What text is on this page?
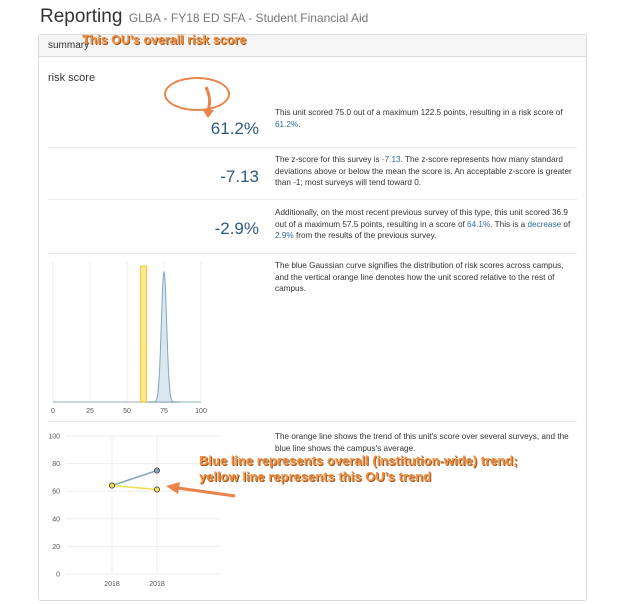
Reporting GLBA - FY18 ED SFA - Student Financial Aid
summary
risk score
61.2%
This unit scored 75.0 out of a maximum 122.5 points, resulting in a risk score of 61.2%.
-7.13
The z-score for this survey is -7.13. The z-score represents how many standard deviations above or below the mean the score is. An acceptable z-score is greater than -1; most surveys will tend toward 0.
-2.9%
Additionally, on the most recent previous survey of this type, this unit scored 36.9 out of a maximum 57.5 points, resulting in a score of 64.1%. This is a decrease of 2.9% from the results of the previous survey.
The blue Gaussian curve signifies the distribution of risk scores across campus, and the vertical orange line denotes how the unit scored relative to the rest of campus.
The orange line shows the trend of this unit's score over several surveys, and the blue line shows the campus's average.
0	25	50	75	100
0
20
40
60
80
100
2018	2018
This OU’s overall risk score
Blue line represents overall (institution-wide) trend; yellow line represents this OU’s trend
